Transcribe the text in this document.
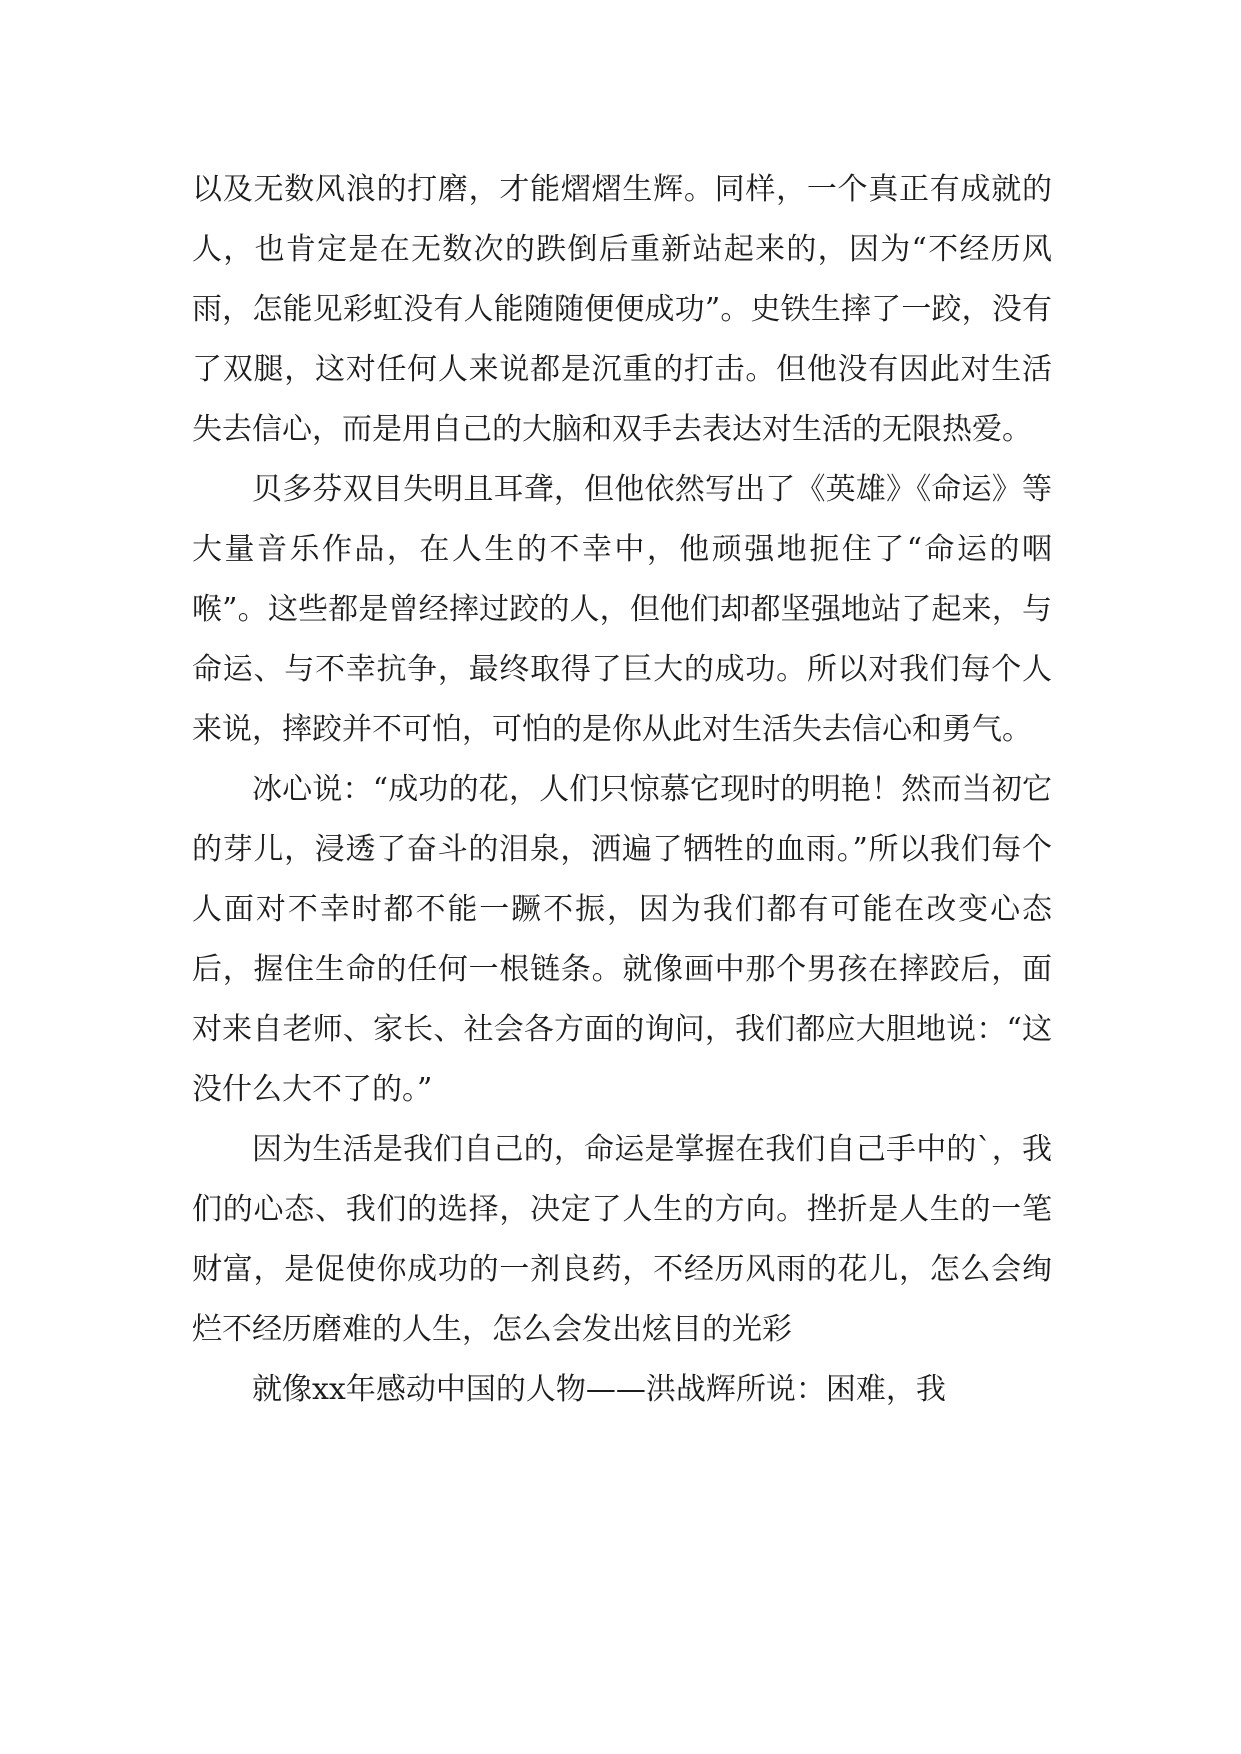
以及无数风浪的打磨，才能熠熠生辉。同样，一个真正有成就的人，也肯定是在无数次的跌倒后重新站起来的，因为“不经历风雨，怎能见彩虹没有人能随随便便成功”。史铁生摔了一跤，没有了双腿，这对任何人来说都是沉重的打击。但他没有因此对生活失去信心，而是用自己的大脑和双手去表达对生活的无限热爱。

贝多芬双目失明且耳聋，但他依然写出了《英雄》《命运》等大量音乐作品，在人生的不幸中，他顽强地扼住了“命运的咽喉”。这些都是曾经摔过跤的人，但他们却都坚强地站了起来，与命运、与不幸抗争，最终取得了巨大的成功。所以对我们每个人来说，摔跤并不可怕，可怕的是你从此对生活失去信心和勇气。

冰心说：“成功的花，人们只惊慕它现时的明艳！然而当初它的芽儿，浸透了奋斗的泪泉，洒遍了牺牲的血雨。”所以我们每个人面对不幸时都不能一蹶不振，因为我们都有可能在改变心态后，握住生命的任何一根链条。就像画中那个男孩在摔跤后，面对来自老师、家长、社会各方面的询问，我们都应大胆地说：“这没什么大不了的。”

因为生活是我们自己的，命运是掌握在我们自己手中的`，我们的心态、我们的选择，决定了人生的方向。挫折是人生的一笔财富，是促使你成功的一剂良药，不经历风雨的花儿，怎么会绚烂不经历磨难的人生，怎么会发出炫目的光彩

就像xx年感动中国的人物——洪战辉所说：困难，我
